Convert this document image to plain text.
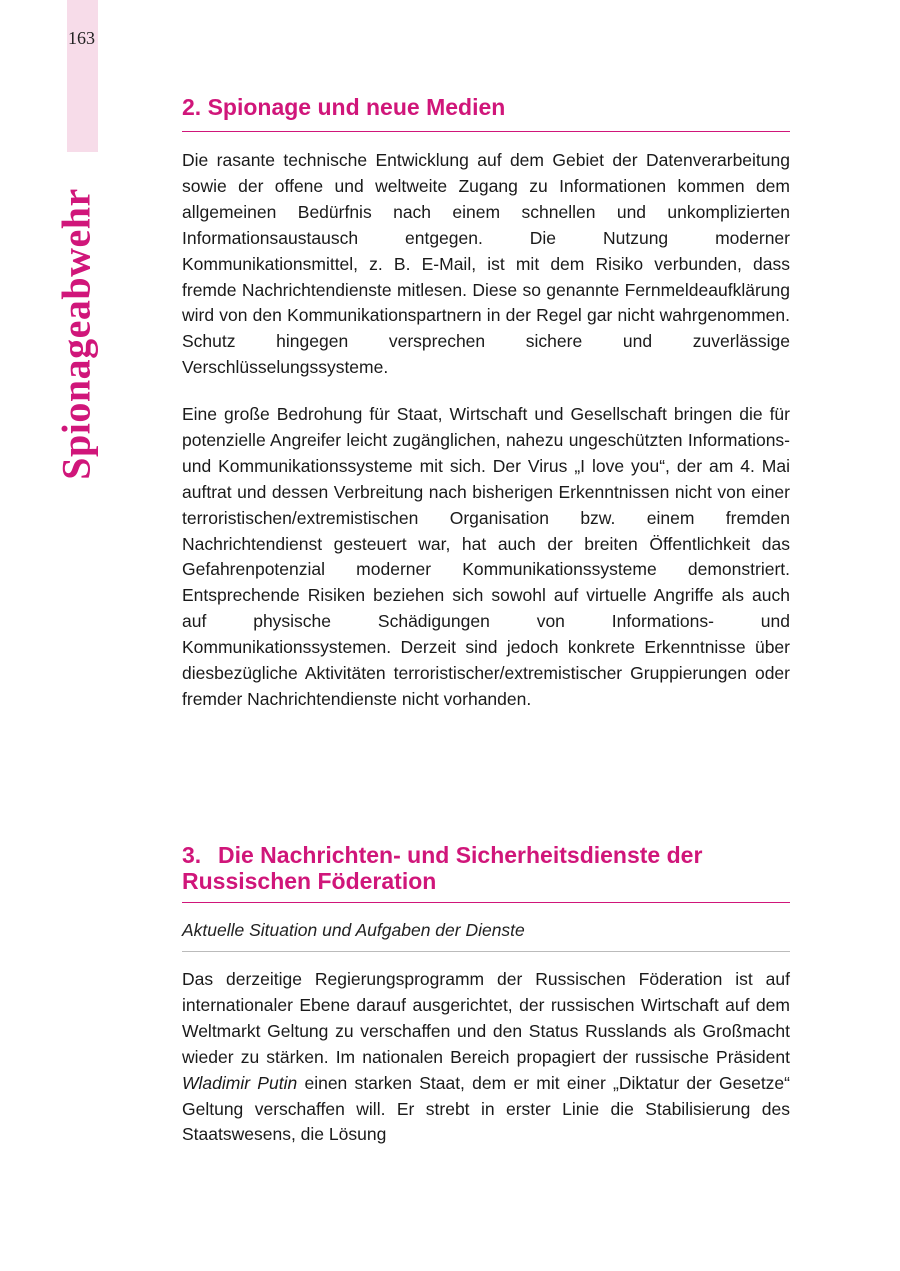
163
Spionageabwehr
2. Spionage und neue Medien

Die rasante technische Entwicklung auf dem Gebiet der Datenverarbeitung sowie der offene und weltweite Zugang zu Informationen kommen dem allgemeinen Bedürfnis nach einem schnellen und unkomplizierten Informationsaustausch entgegen. Die Nutzung moderner Kommunikationsmittel, z. B. E-Mail, ist mit dem Risiko verbunden, dass fremde Nachrichtendienste mitlesen. Diese so genannte Fernmeldeaufklärung wird von den Kommunikationspartnern in der Regel gar nicht wahrgenommen. Schutz hingegen versprechen sichere und zuverlässige Verschlüsselungssysteme.

Eine große Bedrohung für Staat, Wirtschaft und Gesellschaft bringen die für potenzielle Angreifer leicht zugänglichen, nahezu ungeschützten Informations- und Kommunikationssysteme mit sich. Der Virus „I love you“, der am 4. Mai auftrat und dessen Verbreitung nach bisherigen Erkenntnissen nicht von einer terroristischen/extremistischen Organisation bzw. einem fremden Nachrichtendienst gesteuert war, hat auch der breiten Öffentlichkeit das Gefahrenpotenzial moderner Kommunikationssysteme demonstriert. Entsprechende Risiken beziehen sich sowohl auf virtuelle Angriffe als auch auf physische Schädigungen von Informations- und Kommunikationssystemen. Derzeit sind jedoch konkrete Erkenntnisse über diesbezügliche Aktivitäten terroristischer/extremistischer Gruppierungen oder fremder Nachrichtendienste nicht vorhanden.

3. Die Nachrichten- und Sicherheitsdienste der Russischen Föderation

Aktuelle Situation und Aufgaben der Dienste

Das derzeitige Regierungsprogramm der Russischen Föderation ist auf internationaler Ebene darauf ausgerichtet, der russischen Wirtschaft auf dem Weltmarkt Geltung zu verschaffen und den Status Russlands als Großmacht wieder zu stärken. Im nationalen Bereich propagiert der russische Präsident Wladimir Putin einen starken Staat, dem er mit einer „Diktatur der Gesetze“ Geltung verschaffen will. Er strebt in erster Linie die Stabilisierung des Staatswesens, die Lösung
